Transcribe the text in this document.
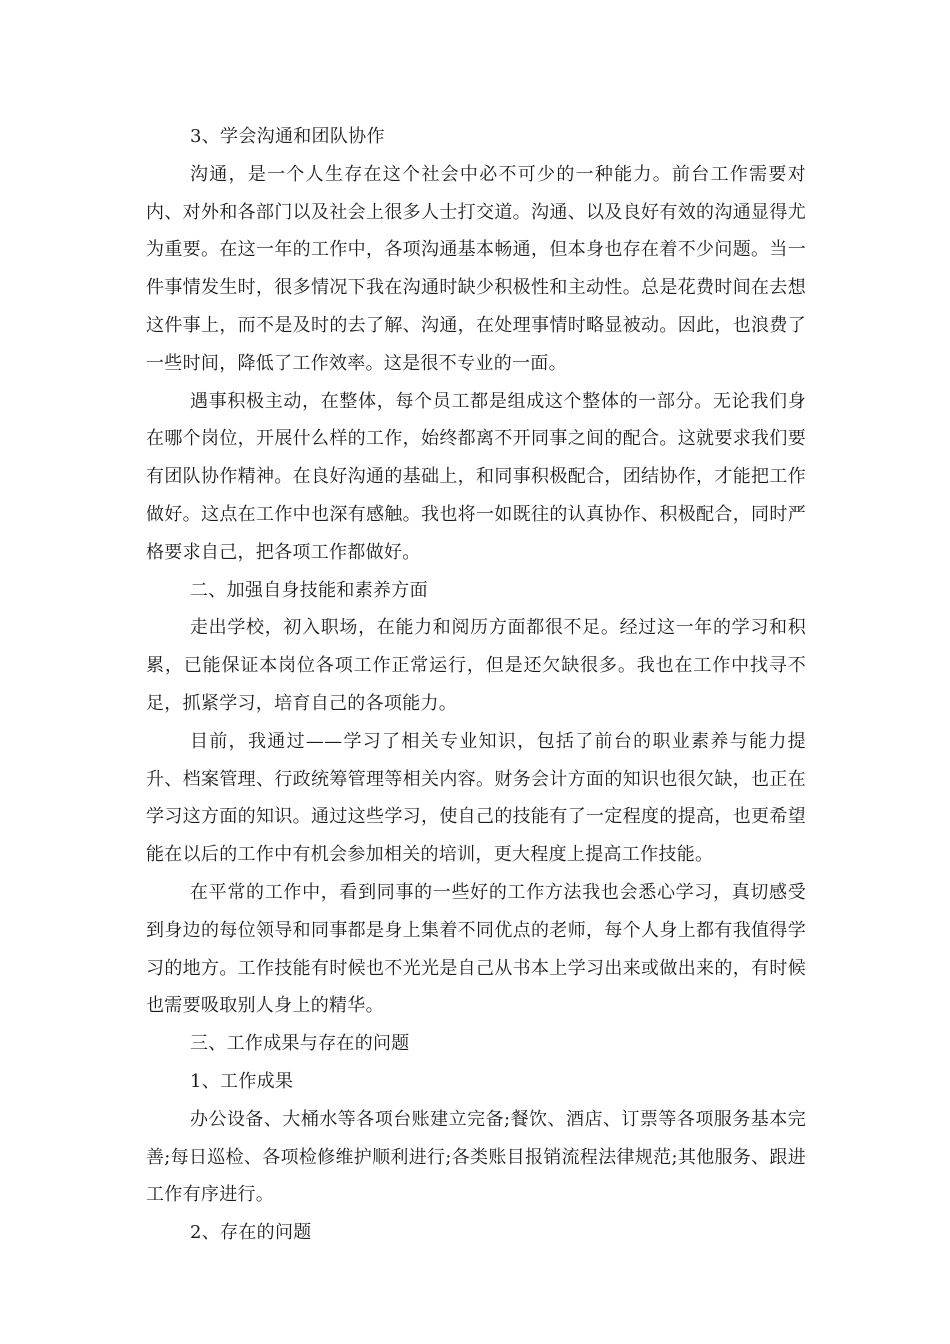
3、学会沟通和团队协作

沟通，是一个人生存在这个社会中必不可少的一种能力。前台工作需要对内、对外和各部门以及社会上很多人士打交道。沟通、以及良好有效的沟通显得尤为重要。在这一年的工作中，各项沟通基本畅通，但本身也存在着不少问题。当一件事情发生时，很多情况下我在沟通时缺少积极性和主动性。总是花费时间在去想这件事上，而不是及时的去了解、沟通，在处理事情时略显被动。因此，也浪费了一些时间，降低了工作效率。这是很不专业的一面。

遇事积极主动，在整体，每个员工都是组成这个整体的一部分。无论我们身在哪个岗位，开展什么样的工作，始终都离不开同事之间的配合。这就要求我们要有团队协作精神。在良好沟通的基础上，和同事积极配合，团结协作，才能把工作做好。这点在工作中也深有感触。我也将一如既往的认真协作、积极配合，同时严格要求自己，把各项工作都做好。

二、加强自身技能和素养方面

走出学校，初入职场，在能力和阅历方面都很不足。经过这一年的学习和积累，已能保证本岗位各项工作正常运行，但是还欠缺很多。我也在工作中找寻不足，抓紧学习，培育自己的各项能力。

目前，我通过——学习了相关专业知识，包括了前台的职业素养与能力提升、档案管理、行政统筹管理等相关内容。财务会计方面的知识也很欠缺，也正在学习这方面的知识。通过这些学习，使自己的技能有了一定程度的提高，也更希望能在以后的工作中有机会参加相关的培训，更大程度上提高工作技能。

在平常的工作中，看到同事的一些好的工作方法我也会悉心学习，真切感受到身边的每位领导和同事都是身上集着不同优点的老师，每个人身上都有我值得学习的地方。工作技能有时候也不光光是自己从书本上学习出来或做出来的，有时候也需要吸取别人身上的精华。

三、工作成果与存在的问题

1、工作成果

办公设备、大桶水等各项台账建立完备;餐饮、酒店、订票等各项服务基本完善;每日巡检、各项检修维护顺利进行;各类账目报销流程法律规范;其他服务、跟进工作有序进行。

2、存在的问题
